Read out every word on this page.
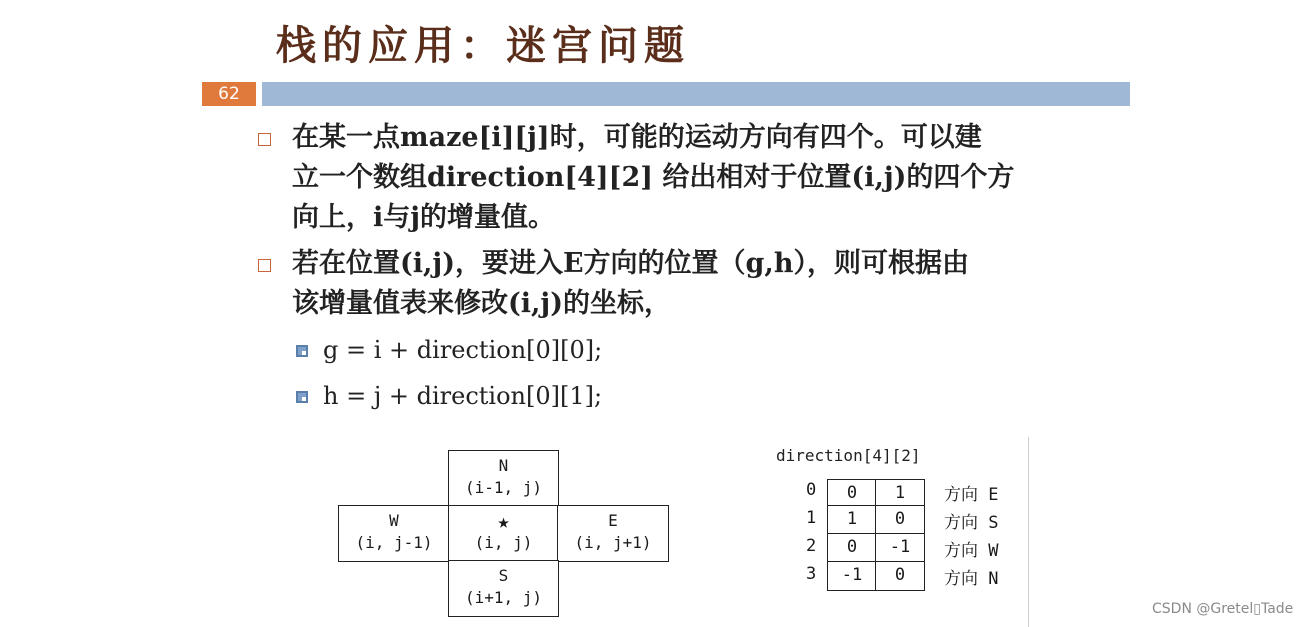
栈的应用：迷宫问题
62
在某一点maze[i][j]时，可能的运动方向有四个。可以建
立一个数组direction[4][2] 给出相对于位置(i,j)的四个方
向上，i与j的增量值。
若在位置(i,j)，要进入E方向的位置（g,h），则可根据由
该增量值表来修改(i,j)的坐标，
g = i + direction[0][0];
h = j + direction[0][1];
N
(i-1, j)
W
(i, j-1)
★
(i, j)
E
(i, j+1)
S
(i+1, j)
direction[4][2]
0	0	1	方向 E
1	1	0	方向 S
2	0	-1	方向 W
3	-1	0	方向 N
CSDN @Gretel▯Tade
